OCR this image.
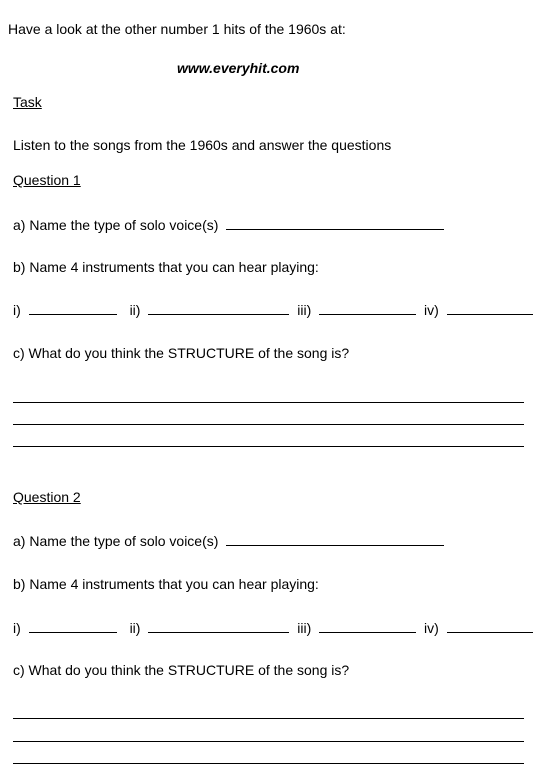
Have a look at the other number 1 hits of the 1960s at:
www.everyhit.com
Task
Listen to the songs from the 1960s and answer the questions
Question 1
a) Name the type of solo voice(s)
b) Name 4 instruments that you can hear playing:
i)	ii)	iii)	iv)
c) What do you think the STRUCTURE of the song is?
Question 2
a) Name the type of solo voice(s)
b) Name 4 instruments that you can hear playing:
i)	ii)	iii)	iv)
c) What do you think the STRUCTURE of the song is?
